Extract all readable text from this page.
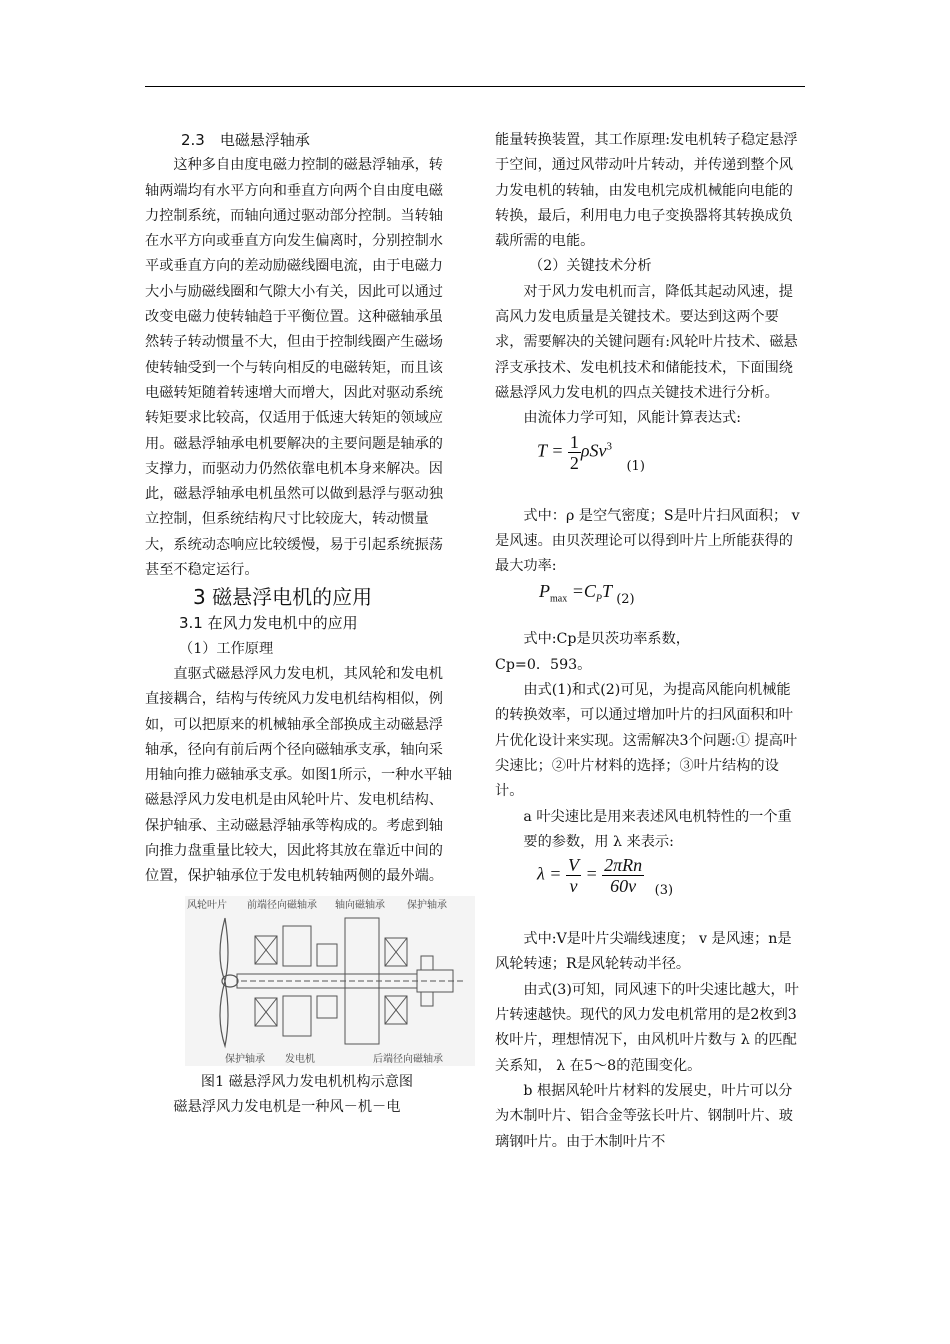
2.3　电磁悬浮轴承

这种多自由度电磁力控制的磁悬浮轴承，转轴两端均有水平方向和垂直方向两个自由度电磁力控制系统，而轴向通过驱动部分控制。当转轴在水平方向或垂直方向发生偏离时，分别控制水平或垂直方向的差动励磁线圈电流，由于电磁力大小与励磁线圈和气隙大小有关，因此可以通过改变电磁力使转轴趋于平衡位置。这种磁轴承虽然转子转动惯量不大，但由于控制线圈产生磁场使转轴受到一个与转向相反的电磁转矩，而且该电磁转矩随着转速增大而增大，因此对驱动系统转矩要求比较高，仅适用于低速大转矩的领域应用。磁悬浮轴承电机要解决的主要问题是轴承的支撑力，而驱动力仍然依靠电机本身来解决。因此，磁悬浮轴承电机虽然可以做到悬浮与驱动独立控制，但系统结构尺寸比较庞大，转动惯量大，系统动态响应比较缓慢，易于引起系统振荡甚至不稳定运行。

3 磁悬浮电机的应用

3.1 在风力发电机中的应用

（1）工作原理

直驱式磁悬浮风力发电机，其风轮和发电机直接耦合，结构与传统风力发电机结构相似，例如，可以把原来的机械轴承全部换成主动磁悬浮轴承，径向有前后两个径向磁轴承支承，轴向采用轴向推力磁轴承支承。如图1所示，一种水平轴磁悬浮风力发电机是由风轮叶片、发电机结构、保护轴承、主动磁悬浮轴承等构成的。考虑到轴向推力盘重量比较大，因此将其放在靠近中间的位置，保护轴承位于发电机转轴两侧的最外端。

风轮叶片 前端径向磁轴承 轴向磁轴承 保护轴承
保护轴承 发电机	后端径向磁轴承

图1 磁悬浮风力发电机机构示意图

磁悬浮风力发电机是一种风－机－电

能量转换装置，其工作原理:发电机转子稳定悬浮于空间，通过风带动叶片转动，并传递到整个风力发电机的转轴，由发电机完成机械能向电能的转换，最后，利用电力电子变换器将其转换成负载所需的电能。

（2）关键技术分析

对于风力发电机而言，降低其起动风速，提高风力发电质量是关键技术。要达到这两个要求，需要解决的关键问题有:风轮叶片技术、磁悬浮支承技术、发电机技术和储能技术，下面围绕磁悬浮风力发电机的四点关键技术进行分析。

由流体力学可知，风能计算表达式:

$T = \frac{1}{2} \rho Sv^3$ $_{(1)}$

式中：ρ 是空气密度；S是叶片扫风面积； v 是风速。由贝茨理论可以得到叶片上所能获得的最大功率:

$P_{max} =C_PT$ $_{(2)}$

式中:Cp是贝茨功率系数，

Cp=0．593。

由式(1)和式(2)可见，为提高风能向机械能的转换效率，可以通过增加叶片的扫风面积和叶片优化设计来实现。这需解决3个问题:① 提高叶尖速比；②叶片材料的选择；③叶片结构的设计。

a 叶尖速比是用来表述风电机特性的一个重

要的参数，用 λ 来表示:

$\lambda = \frac{V}{v} = \frac{\text{2πRn}}{60v} _{(3)}$

式中:V是叶片尖端线速度； v 是风速；n是风轮转速；R是风轮转动半径。

由式(3)可知，同风速下的叶尖速比越大，叶片转速越快。现代的风力发电机常用的是2枚到3枚叶片，理想情况下，由风机叶片数与 λ 的匹配关系知， λ 在5～8的范围变化。

b 根据风轮叶片材料的发展史，叶片可以分为木制叶片、铝合金等弦长叶片、钢制叶片、玻璃钢叶片。由于木制叶片不
